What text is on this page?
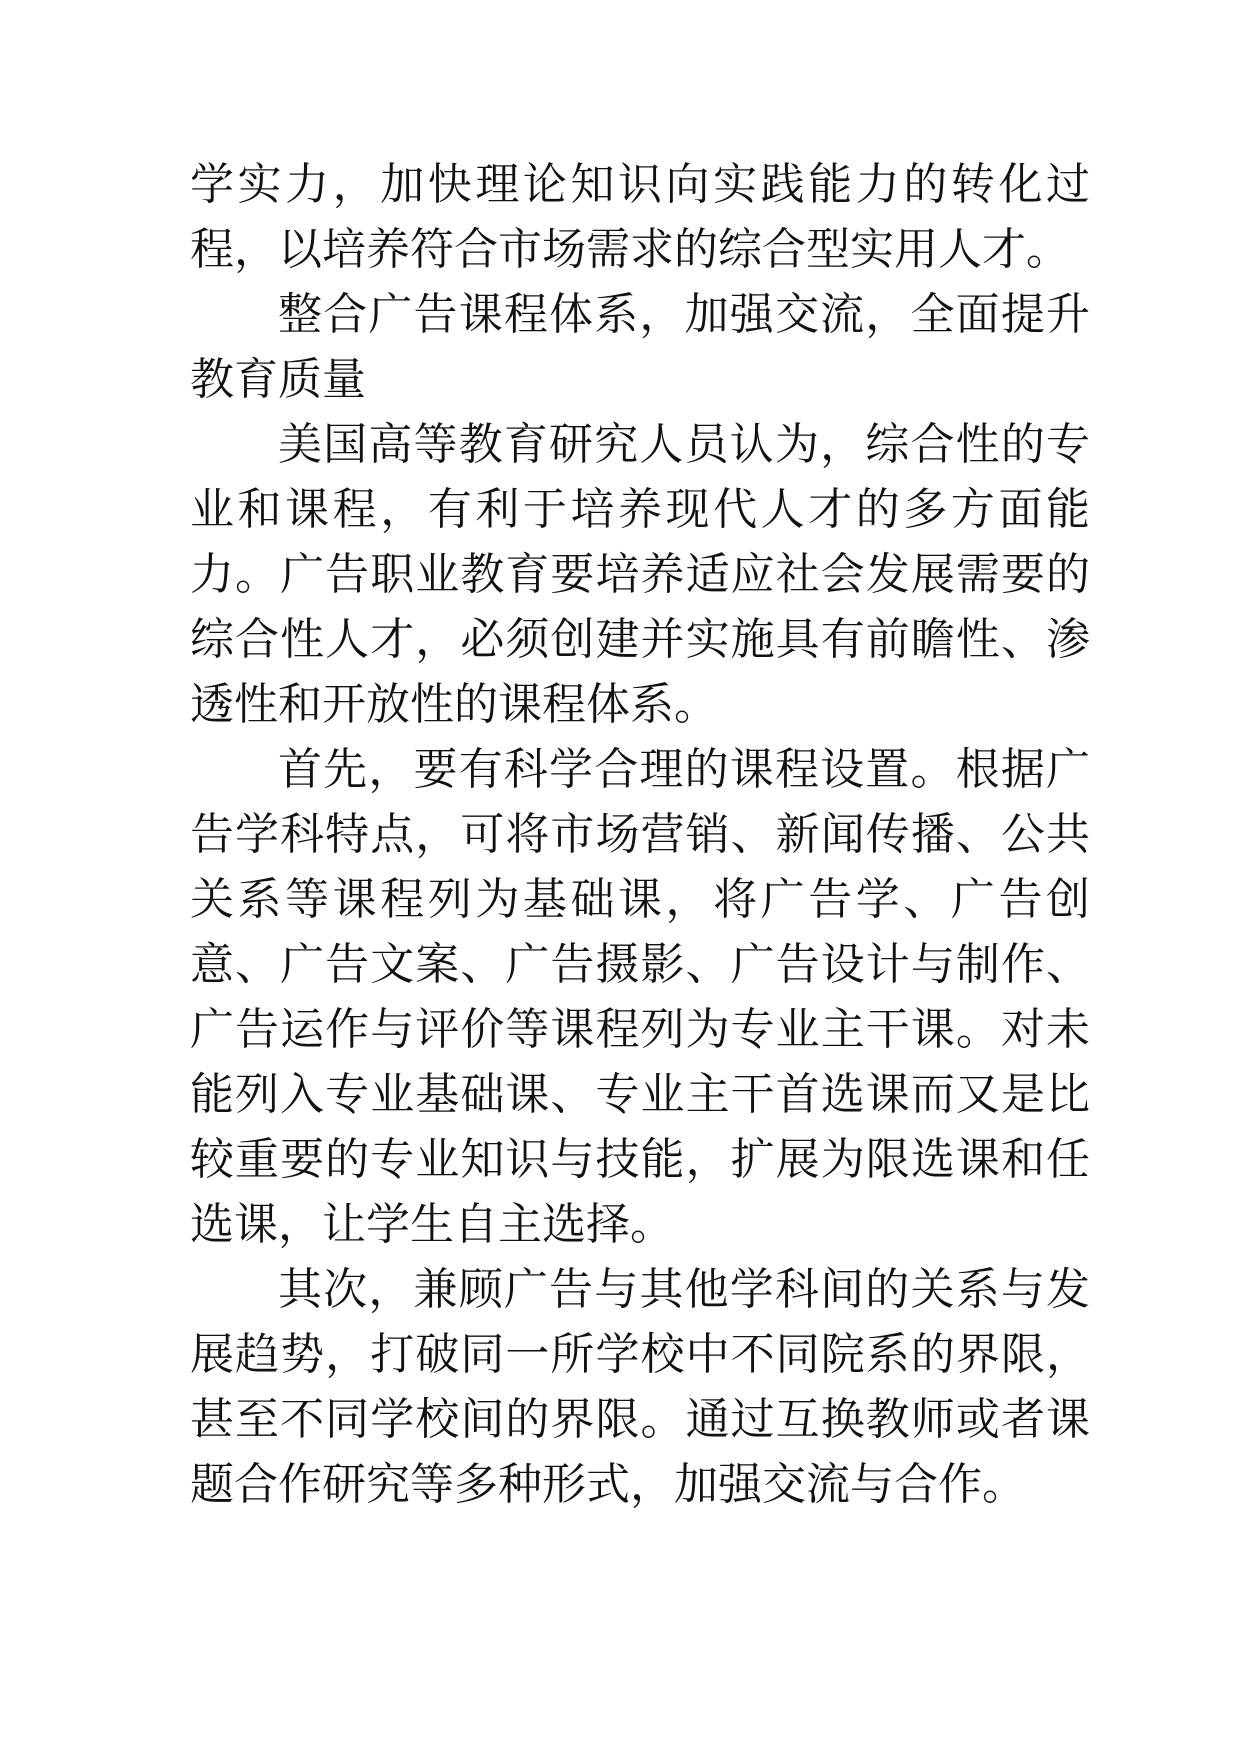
学实力，加快理论知识向实践能力的转化过程，以培养符合市场需求的综合型实用人才。

整合广告课程体系，加强交流，全面提升教育质量

美国高等教育研究人员认为，综合性的专业和课程，有利于培养现代人才的多方面能力。广告职业教育要培养适应社会发展需要的综合性人才，必须创建并实施具有前瞻性、渗透性和开放性的课程体系。

首先，要有科学合理的课程设置。根据广告学科特点，可将市场营销、新闻传播、公共关系等课程列为基础课，将广告学、广告创意、广告文案、广告摄影、广告设计与制作、广告运作与评价等课程列为专业主干课。对未能列入专业基础课、专业主干首选课而又是比较重要的专业知识与技能，扩展为限选课和任选课，让学生自主选择。

其次，兼顾广告与其他学科间的关系与发展趋势，打破同一所学校中不同院系的界限，甚至不同学校间的界限。通过互换教师或者课题合作研究等多种形式，加强交流与合作。
